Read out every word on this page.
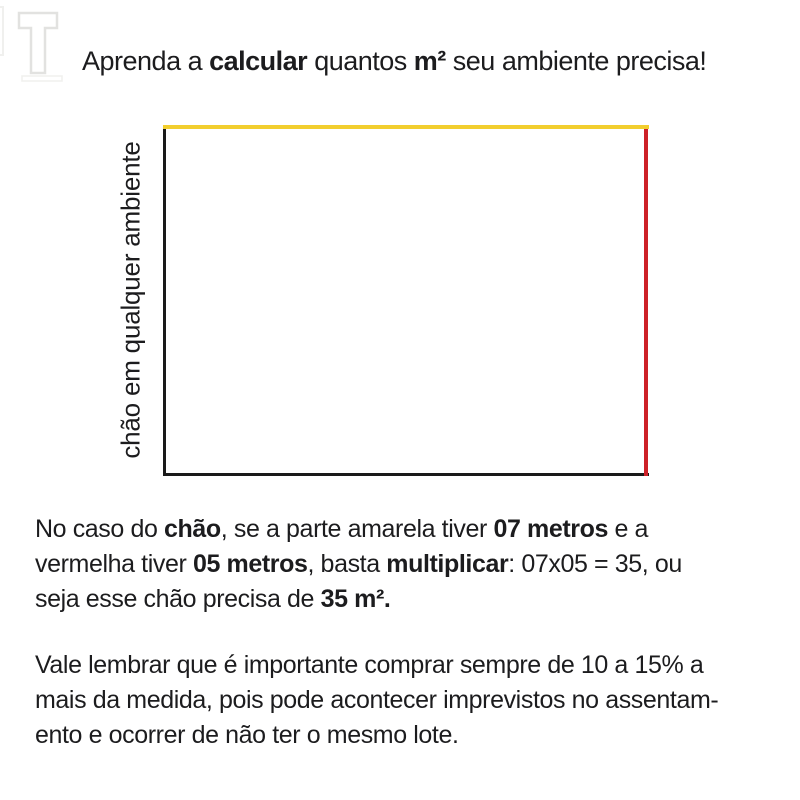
Aprenda a calcular quantos m² seu ambiente precisa!
chão em qualquer ambiente
No caso do chão, se a parte amarela tiver 07 metros e a
vermelha tiver 05 metros, basta multiplicar: 07x05 = 35, ou
seja esse chão precisa de 35 m².
Vale lembrar que é importante comprar sempre de 10 a 15% a
mais da medida, pois pode acontecer imprevistos no assentam-
ento e ocorrer de não ter o mesmo lote.
